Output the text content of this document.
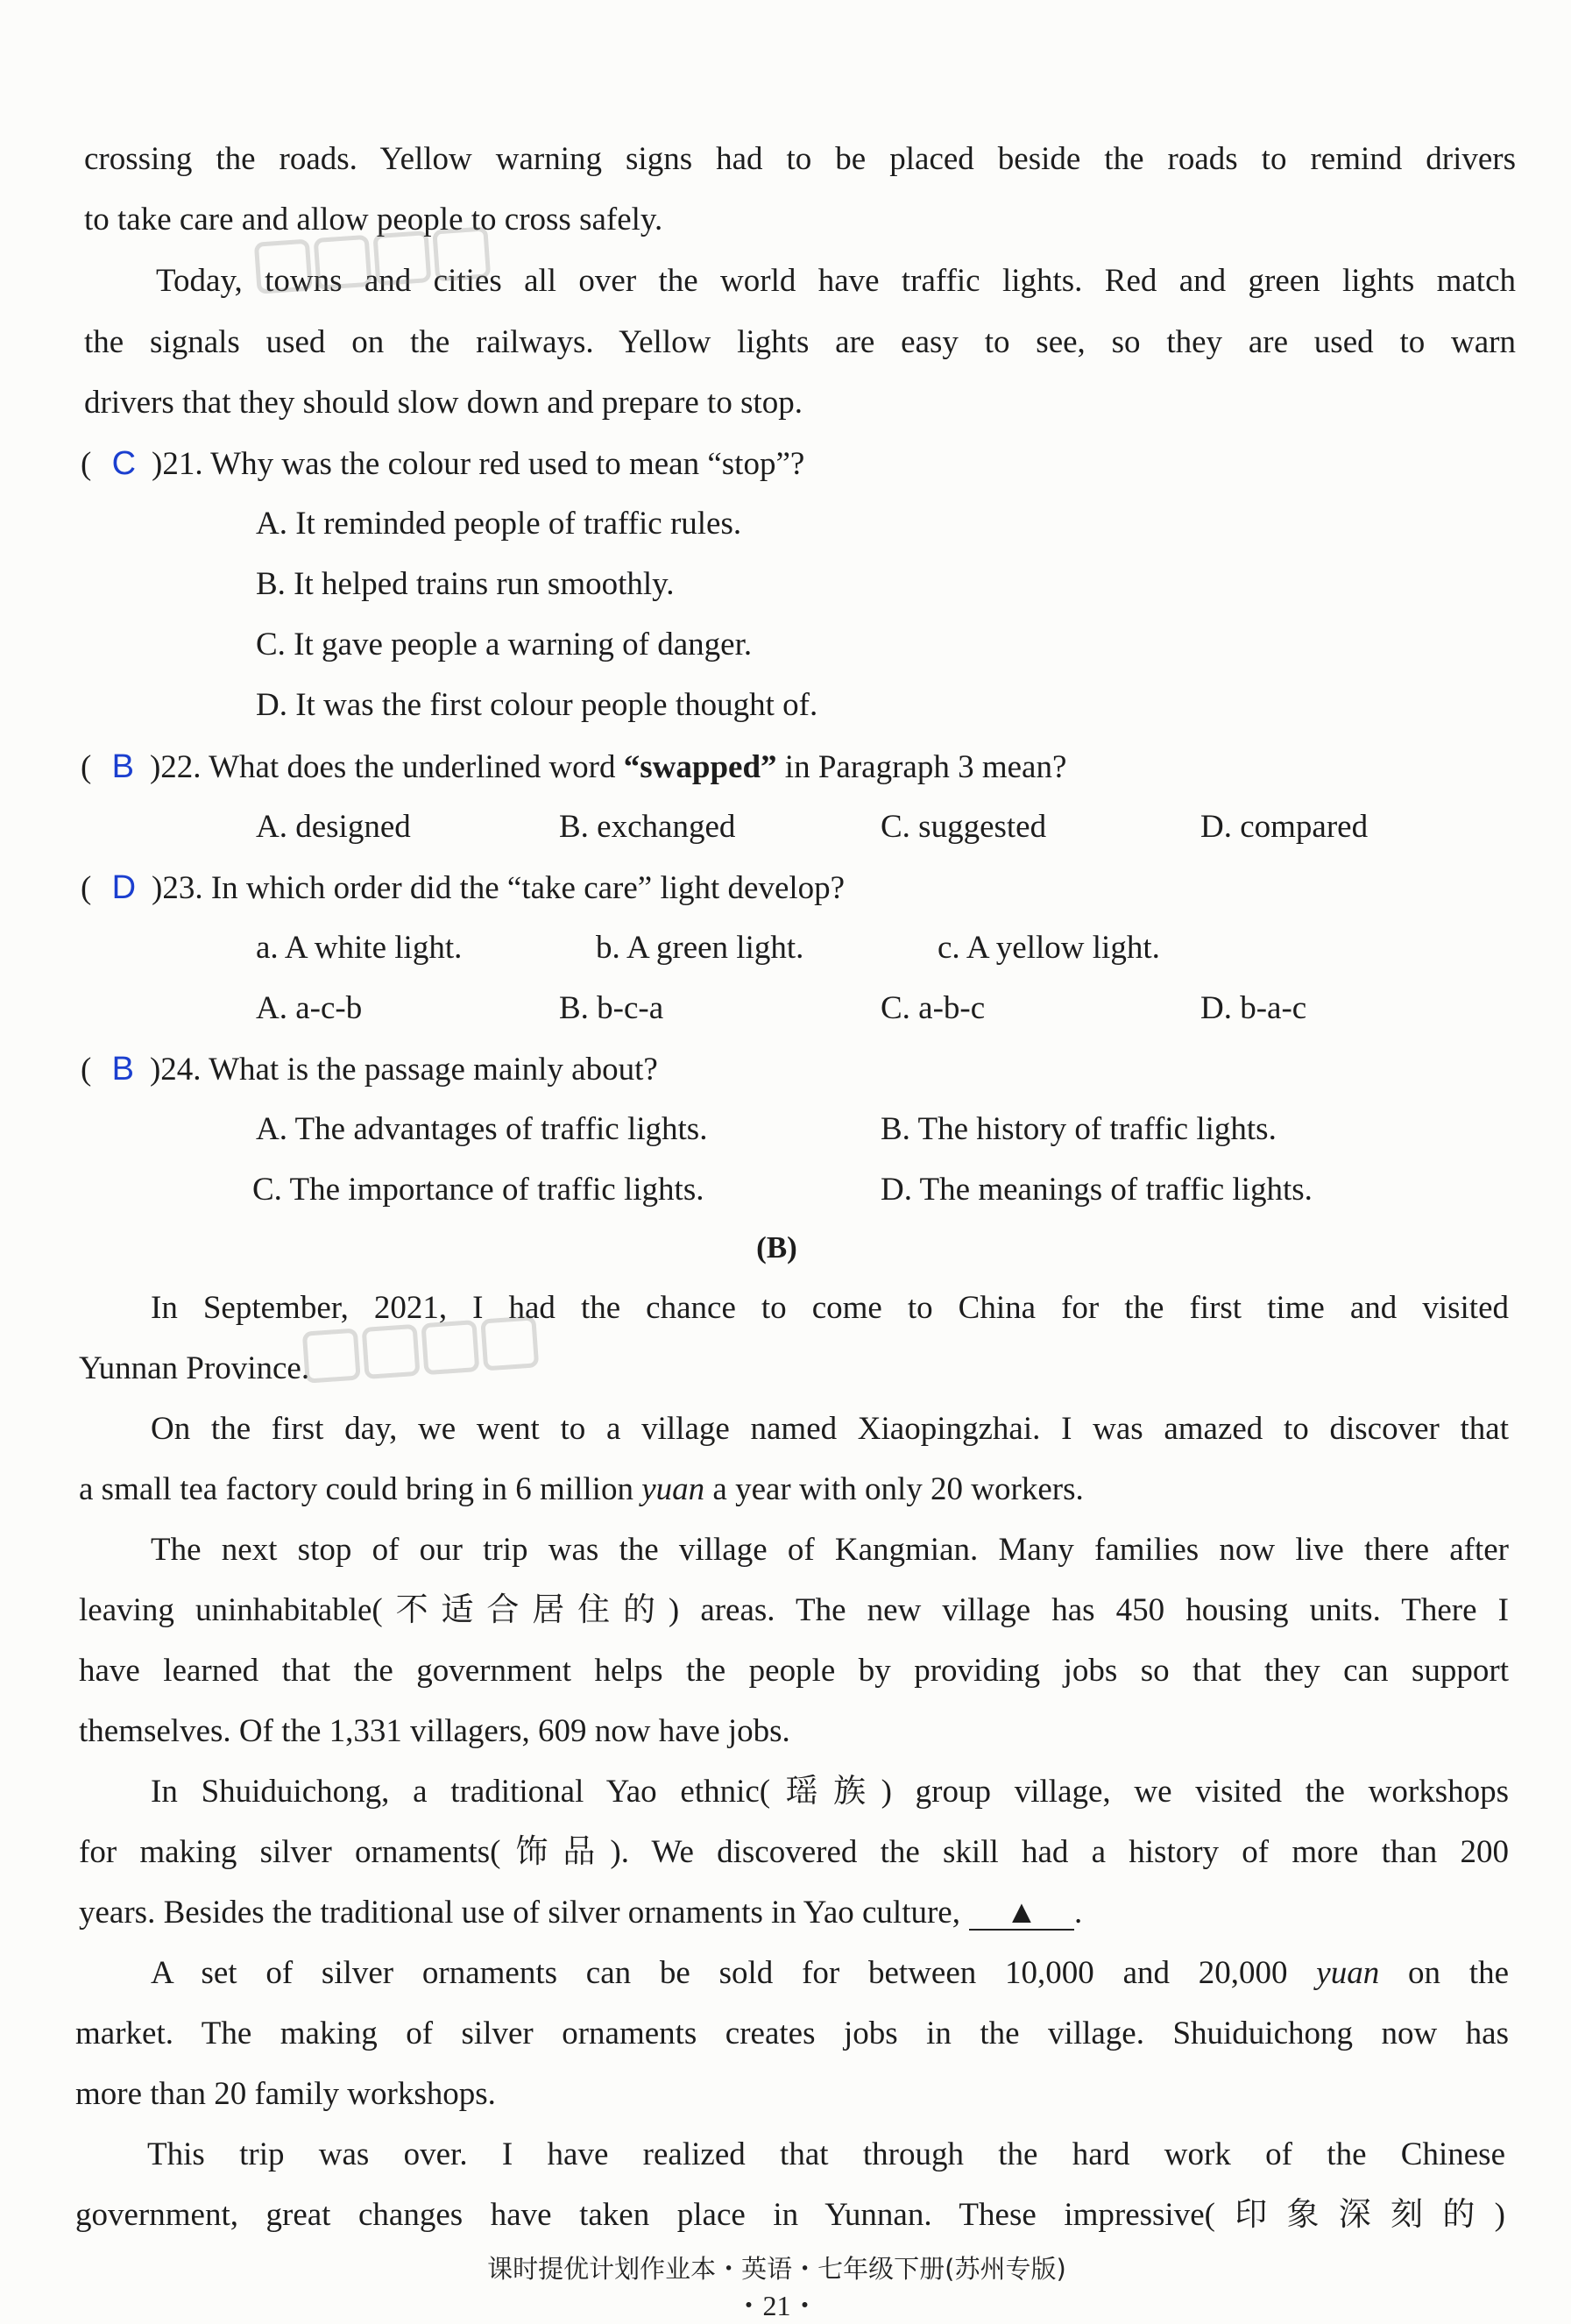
crossing the roads. Yellow warning signs had to be placed beside the roads to remind drivers
to take care and allow people to cross safely.
Today, towns and cities all over the world have traffic lights. Red and green lights match
the signals used on the railways. Yellow lights are easy to see, so they are used to warn
drivers that they should slow down and prepare to stop.
( C )21. Why was the colour red used to mean “stop”?
A. It reminded people of traffic rules.
B. It helped trains run smoothly.
C. It gave people a warning of danger.
D. It was the first colour people thought of.
( B )22. What does the underlined word “swapped” in Paragraph 3 mean?
A. designed	B. exchanged	C. suggested	D. compared
( D )23. In which order did the “take care” light develop?
a. A white light.	b. A green light.	c. A yellow light.
A. a-c-b	B. b-c-a	C. a-b-c	D. b-a-c
( B )24. What is the passage mainly about?
A. The advantages of traffic lights.	B. The history of traffic lights.
C. The importance of traffic lights.	D. The meanings of traffic lights.
(B)
In September, 2021, I had the chance to come to China for the first time and visited
Yunnan Province.
On the first day, we went to a village named Xiaopingzhai. I was amazed to discover that
a small tea factory could bring in 6 million yuan a year with only 20 workers.
The next stop of our trip was the village of Kangmian. Many families now live there after
leaving uninhabitable(不适合居住的) areas. The new village has 450 housing units. There I
have learned that the government helps the people by providing jobs so that they can support
themselves. Of the 1,331 villagers, 609 now have jobs.
In Shuiduichong, a traditional Yao ethnic(瑶族) group village, we visited the workshops
for making silver ornaments(饰品). We discovered the skill had a history of more than 200
years. Besides the traditional use of silver ornaments in Yao culture, ▲ .
A set of silver ornaments can be sold for between 10,000 and 20,000 yuan on the
market. The making of silver ornaments creates jobs in the village. Shuiduichong now has
more than 20 family workshops.
This trip was over. I have realized that through the hard work of the Chinese
government, great changes have taken place in Yunnan. These impressive(印象深刻的)
课时提优计划作业本・英语・七年级下册(苏州专版)
・21・
